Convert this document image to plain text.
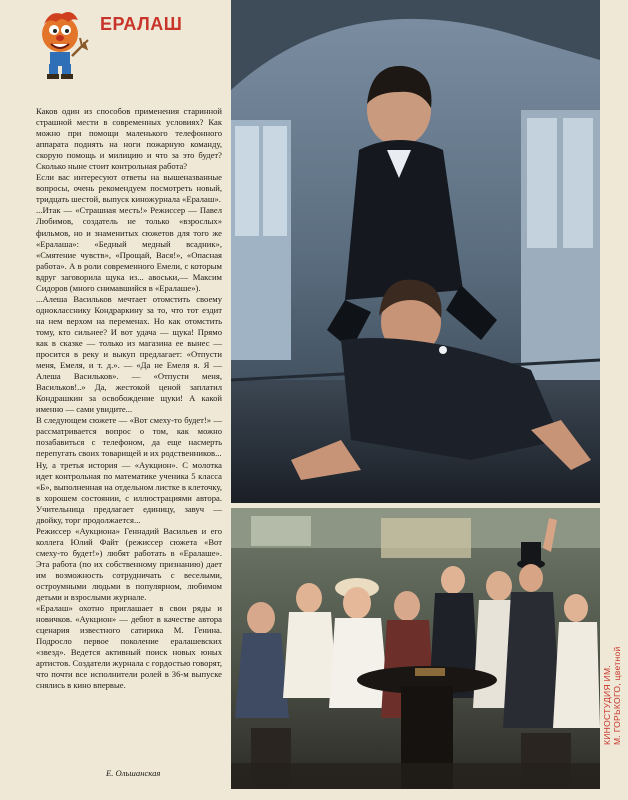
ЕРАЛАШ

Каков один из способов применения старинной страшной мести в современных условиях? Как можно при помощи маленького телефонного аппарата поднять на ноги пожарную команду, скорую помощь и милицию и что за это будет? Сколько ныне стоит контрольная работа?

Если вас интересуют ответы на вышеназванные вопросы, очень рекомендуем посмотреть новый, тридцать шестой, выпуск киножурнала «Ералаш».

...Итак — «Страшная месть!» Режиссер — Павел Любимов, создатель не только «взрослых» фильмов, но и знаменитых сюжетов для того же «Ералаша»: «Бедный медный всадник», «Смятение чувств», «Прощай, Вася!», «Опасная работа». А в роли современного Емели, с которым вдруг заговорила щука из... авоськи,— Максим Сидоров (много снимавшийся в «Ералаше»).

...Алеша Васильков мечтает отомстить своему однокласснику Кондраркину за то, что тот ездит на нем верхом на переменах. Но как отомстить тому, кто сильнее? И вот удача — щука! Прямо как в сказке — только из магазина ее вынес — просится в реку и выкуп предлагает: «Отпусти меня, Емеля, и т. д.». — «Да не Емеля я. Я — Алеша Васильков». — «Отпусти меня, Васильков!..» Да, жестокой ценой заплатил Кондрашкин за освобождение щуки! А какой именно — сами увидите...

В следующем сюжете — «Вот смеху-то будет!» — рассматривается вопрос о том, как можно позабавиться с телефоном, да еще насмерть перепугать своих товарищей и их родственников...

Ну, а третья история — «Аукцион». С молотка идет контрольная по математике ученика 5 класса «Б», выполненная на отдельном листке в клеточку, в хорошем состоянии, с иллюстрациями автора. Учительница предлагает единицу, завуч — двойку, торг продолжается...

Режиссер «Аукциона» Геннадий Васильев и его коллега Юлий Файт (режиссер сюжета «Вот смеху-то будет!») любят работать в «Ералаше». Эта работа (по их собственному признанию) дает им возможность сотрудничать с веселыми, остроумными людьми в популярном, любимом детьми и взрослыми журнале.

«Ералаш» охотно приглашает в свои ряды и новичков. «Аукцион» — дебют в качестве автора сценария известного сатирика М. Генина. Подросло первое поколение ералашевских «звезд». Ведется активный поиск новых юных артистов. Создатели журнала с гордостью говорят, что почти все исполнители ролей в 36-м выпуске снялись в кино впервые.

Е. Ольшанская
КИНОСТУДИЯ ИМ. М. ГОРЬКОГО, цветной
